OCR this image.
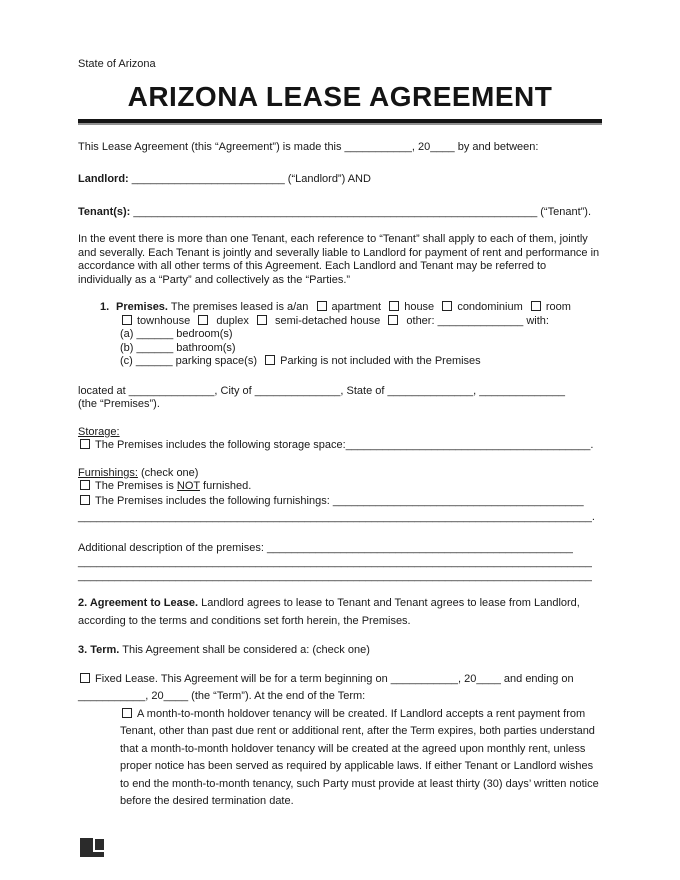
State of Arizona
ARIZONA LEASE AGREEMENT

This Lease Agreement (this “Agreement”) is made this ___________, 20____ by and between:

Landlord: _________________________ (“Landlord”) AND

Tenant(s): __________________________________________________________________ (“Tenant”).

In the event there is more than one Tenant, each reference to “Tenant” shall apply to each of them, jointly and severally. Each Tenant is jointly and severally liable to Landlord for payment of rent and performance in accordance with all other terms of this Agreement. Each Landlord and Tenant may be referred to individually as a “Party” and collectively as the “Parties.”

1. Premises. The premises leased is a/an apartment house condominium room

townhouse duplex semi-detached house other: ______________ with:

(a) ______ bedroom(s)

(b) ______ bathroom(s)

(c) ______ parking space(s) Parking is not included with the Premises

located at ______________, City of ______________, State of ______________, ______________

(the “Premises”).

Storage:

The Premises includes the following storage space:________________________________________.

Furnishings: (check one)

The Premises is NOT furnished.

The Premises includes the following furnishings: _________________________________________

____________________________________________________________________________________.

Additional description of the premises: __________________________________________________

____________________________________________________________________________________

____________________________________________________________________________________

2. Agreement to Lease. Landlord agrees to lease to Tenant and Tenant agrees to lease from Landlord, according to the terms and conditions set forth herein, the Premises.

3. Term. This Agreement shall be considered a: (check one)

Fixed Lease. This Agreement will be for a term beginning on ___________, 20____ and ending on ___________, 20____ (the “Term”). At the end of the Term:

A month-to-month holdover tenancy will be created. If Landlord accepts a rent payment from Tenant, other than past due rent or additional rent, after the Term expires, both parties understand that a month-to-month holdover tenancy will be created at the agreed upon monthly rent, unless proper notice has been served as required by applicable laws. If either Tenant or Landlord wishes to end the month-to-month tenancy, such Party must provide at least thirty (30) days’ written notice before the desired termination date.
